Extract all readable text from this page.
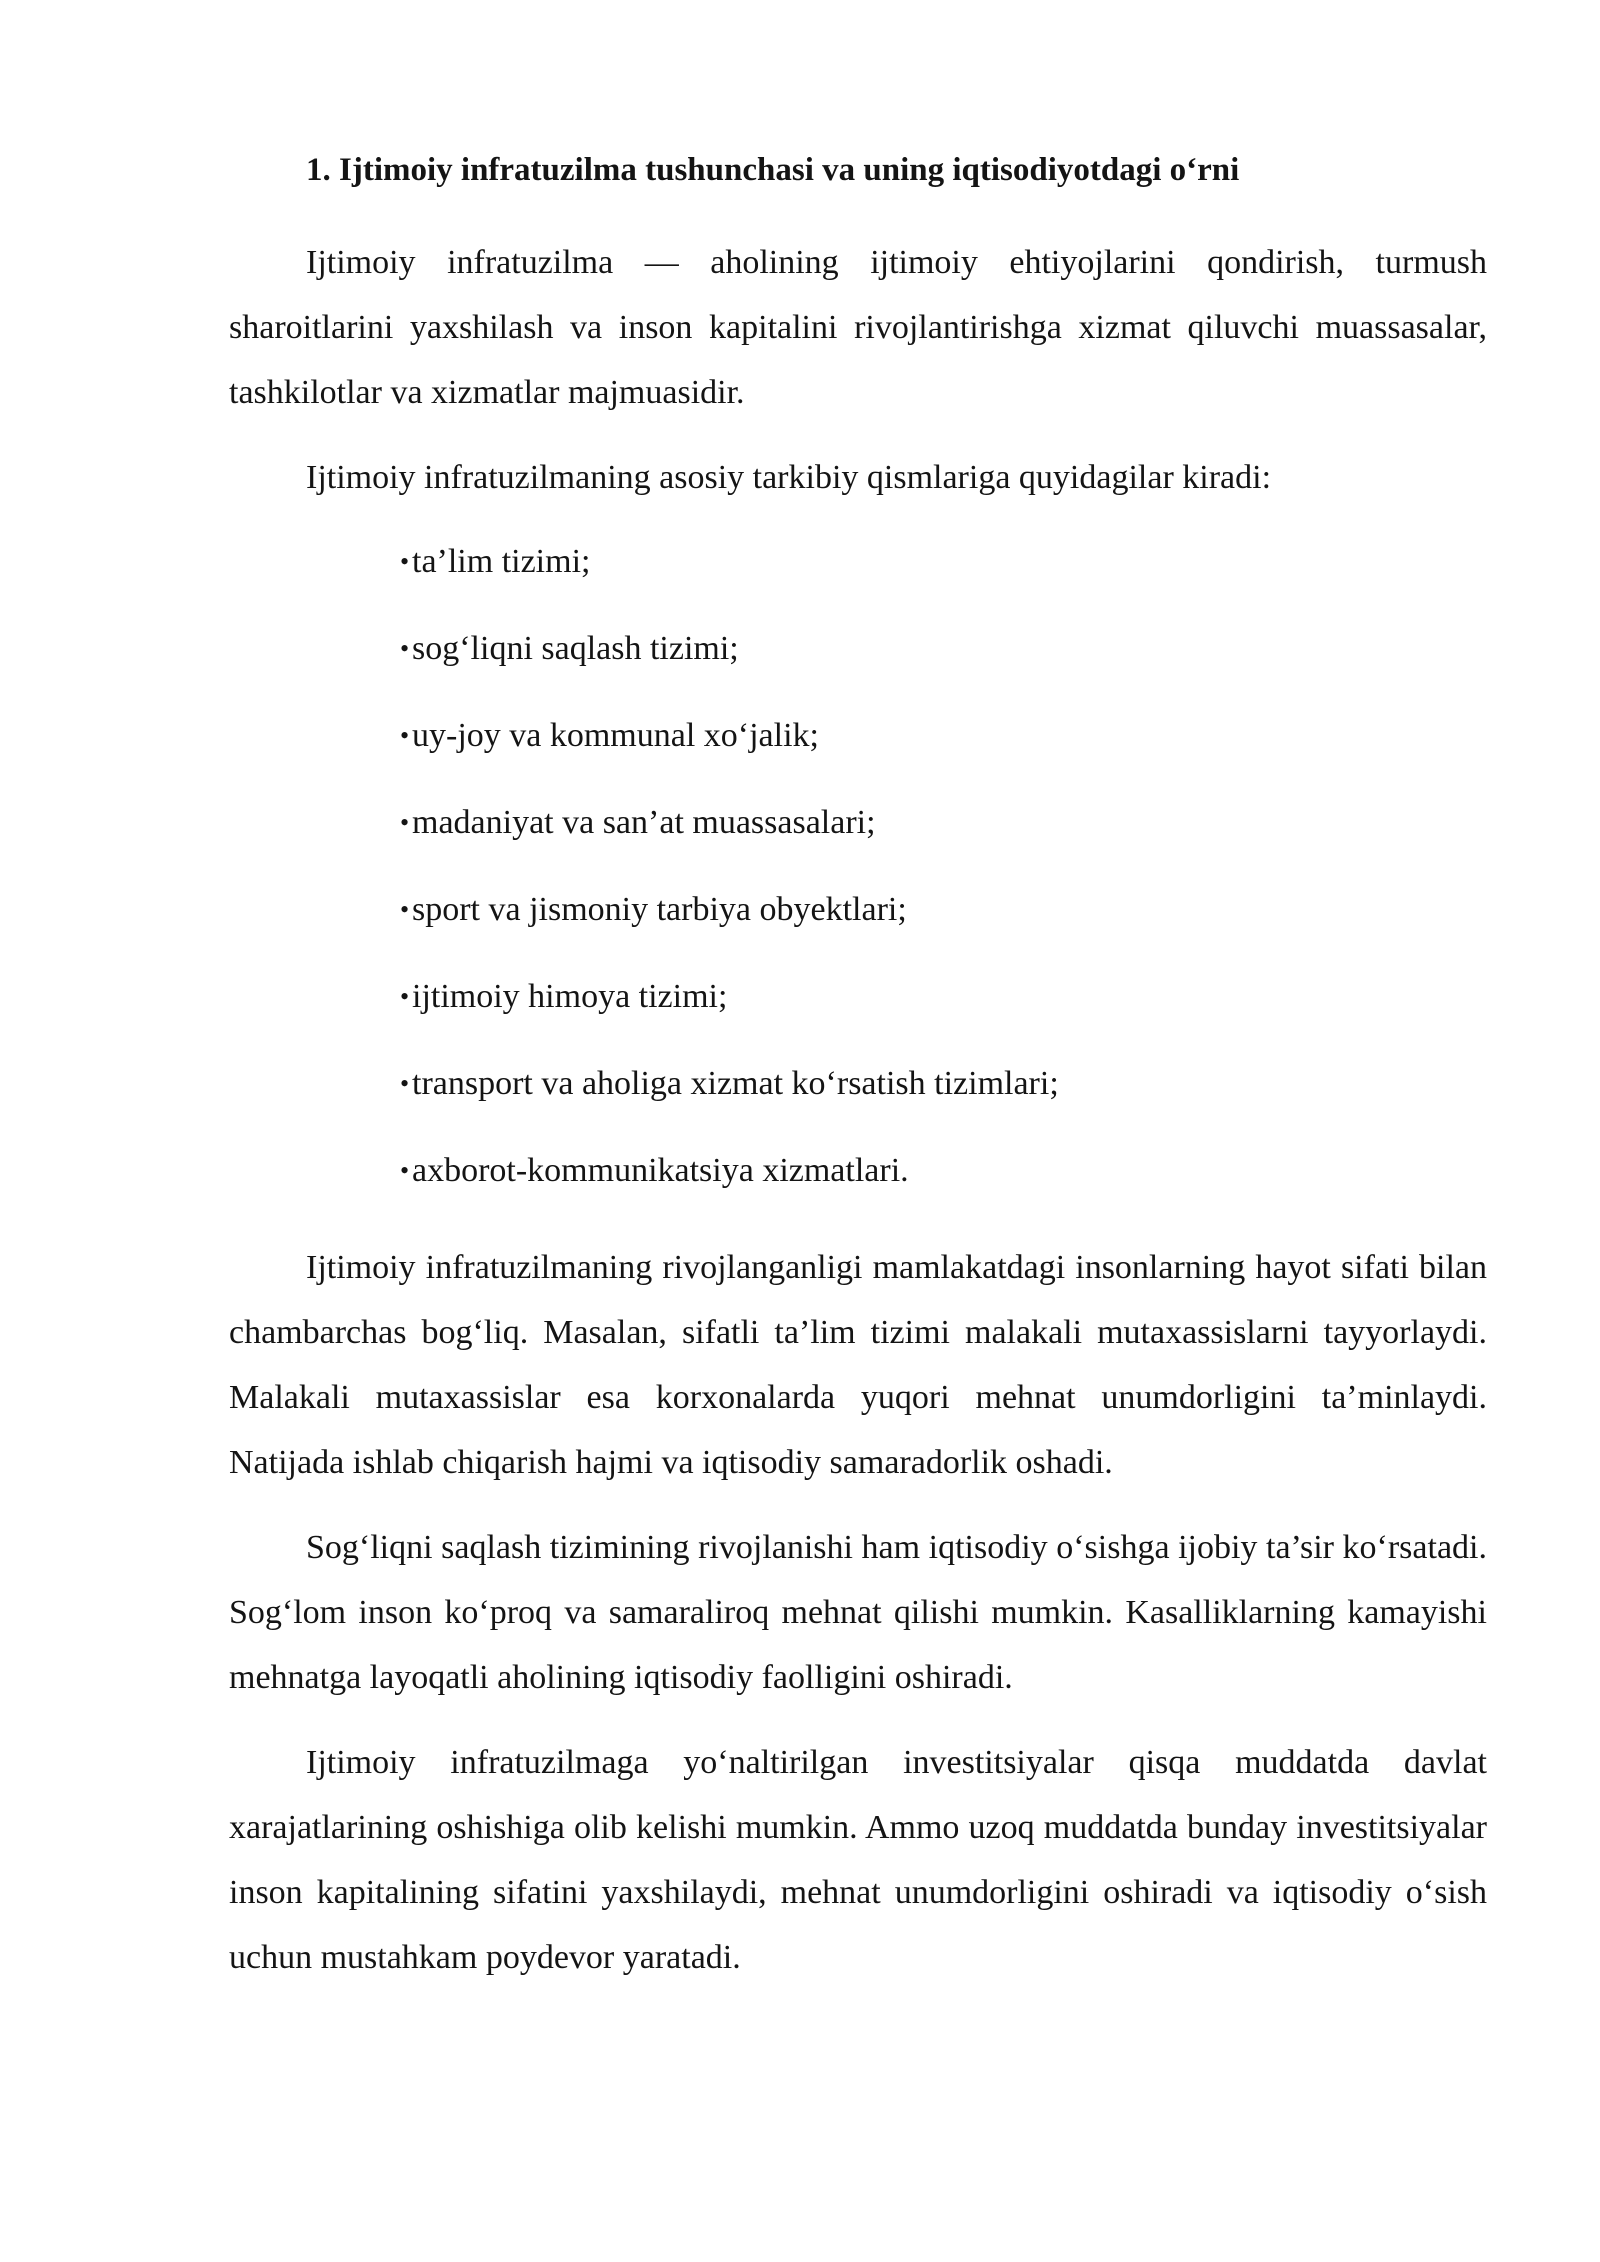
1. Ijtimoiy infratuzilma tushunchasi va uning iqtisodiyotdagi o‘rni

Ijtimoiy infratuzilma — aholining ijtimoiy ehtiyojlarini qondirish, turmush sharoitlarini yaxshilash va inson kapitalini rivojlantirishga xizmat qiluvchi muassasalar, tashkilotlar va xizmatlar majmuasidir.

Ijtimoiy infratuzilmaning asosiy tarkibiy qismlariga quyidagilar kiradi:

• ta’lim tizimi;
• sog‘liqni saqlash tizimi;
• uy-joy va kommunal xo‘jalik;
• madaniyat va san’at muassasalari;
• sport va jismoniy tarbiya obyektlari;
• ijtimoiy himoya tizimi;
• transport va aholiga xizmat ko‘rsatish tizimlari;
• axborot-kommunikatsiya xizmatlari.

Ijtimoiy infratuzilmaning rivojlanganligi mamlakatdagi insonlarning hayot sifati bilan chambarchas bog‘liq. Masalan, sifatli ta’lim tizimi malakali mutaxassislarni tayyorlaydi. Malakali mutaxassislar esa korxonalarda yuqori mehnat unumdorligini ta’minlaydi. Natijada ishlab chiqarish hajmi va iqtisodiy samaradorlik oshadi.

Sog‘liqni saqlash tizimining rivojlanishi ham iqtisodiy o‘sishga ijobiy ta’sir ko‘rsatadi. Sog‘lom inson ko‘proq va samaraliroq mehnat qilishi mumkin. Kasalliklarning kamayishi mehnatga layoqatli aholining iqtisodiy faolligini oshiradi.

Ijtimoiy infratuzilmaga yo‘naltirilgan investitsiyalar qisqa muddatda davlat xarajatlarining oshishiga olib kelishi mumkin. Ammo uzoq muddatda bunday investitsiyalar inson kapitalining sifatini yaxshilaydi, mehnat unumdorligini oshiradi va iqtisodiy o‘sish uchun mustahkam poydevor yaratadi.
